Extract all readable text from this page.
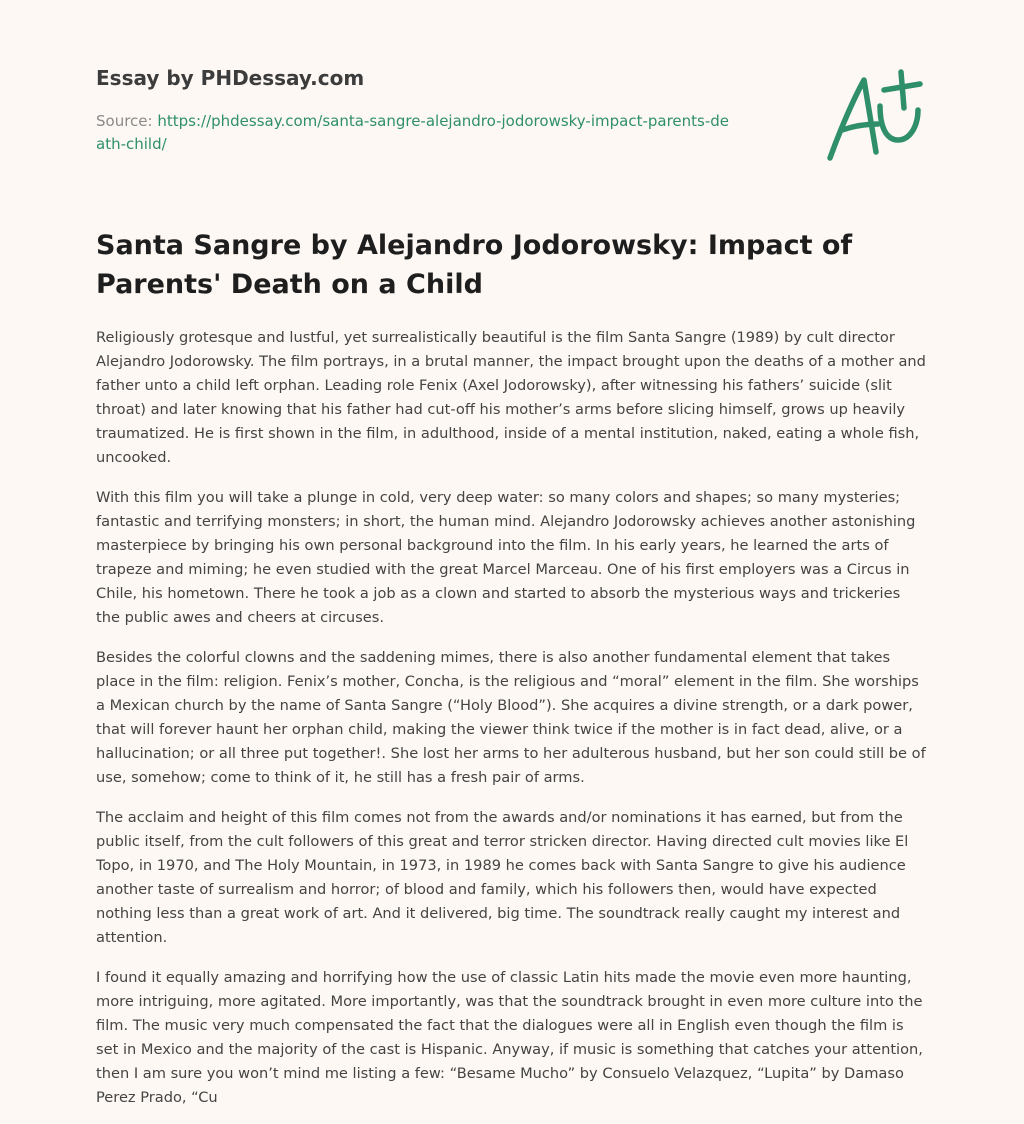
Essay by PHDessay.com
Source: https://phdessay.com/santa-sangre-alejandro-jodorowsky-impact-parents-death-child/
Santa Sangre by Alejandro Jodorowsky: Impact of Parents' Death on a Child

Religiously grotesque and lustful, yet surrealistically beautiful is the film Santa Sangre (1989) by cult director Alejandro Jodorowsky. The film portrays, in a brutal manner, the impact brought upon the deaths of a mother and father unto a child left orphan. Leading role Fenix (Axel Jodorowsky), after witnessing his fathers’ suicide (slit throat) and later knowing that his father had cut-off his mother’s arms before slicing himself, grows up heavily traumatized. He is first shown in the film, in adulthood, inside of a mental institution, naked, eating a whole fish, uncooked.

With this film you will take a plunge in cold, very deep water: so many colors and shapes; so many mysteries; fantastic and terrifying monsters; in short, the human mind. Alejandro Jodorowsky achieves another astonishing masterpiece by bringing his own personal background into the film. In his early years, he learned the arts of trapeze and miming; he even studied with the great Marcel Marceau. One of his first employers was a Circus in Chile, his hometown. There he took a job as a clown and started to absorb the mysterious ways and trickeries the public awes and cheers at circuses.

Besides the colorful clowns and the saddening mimes, there is also another fundamental element that takes place in the film: religion. Fenix’s mother, Concha, is the religious and “moral” element in the film. She worships a Mexican church by the name of Santa Sangre (“Holy Blood”). She acquires a divine strength, or a dark power, that will forever haunt her orphan child, making the viewer think twice if the mother is in fact dead, alive, or a hallucination; or all three put together!. She lost her arms to her adulterous husband, but her son could still be of use, somehow; come to think of it, he still has a fresh pair of arms.

The acclaim and height of this film comes not from the awards and/or nominations it has earned, but from the public itself, from the cult followers of this great and terror stricken director. Having directed cult movies like El Topo, in 1970, and The Holy Mountain, in 1973, in 1989 he comes back with Santa Sangre to give his audience another taste of surrealism and horror; of blood and family, which his followers then, would have expected nothing less than a great work of art. And it delivered, big time. The soundtrack really caught my interest and attention.

I found it equally amazing and horrifying how the use of classic Latin hits made the movie even more haunting, more intriguing, more agitated. More importantly, was that the soundtrack brought in even more culture into the film. The music very much compensated the fact that the dialogues were all in English even though the film is set in Mexico and the majority of the cast is Hispanic. Anyway, if music is something that catches your attention, then I am sure you won’t mind me listing a few: “Besame Mucho” by Consuelo Velazquez, “Lupita” by Damaso Perez Prado, “Cu
